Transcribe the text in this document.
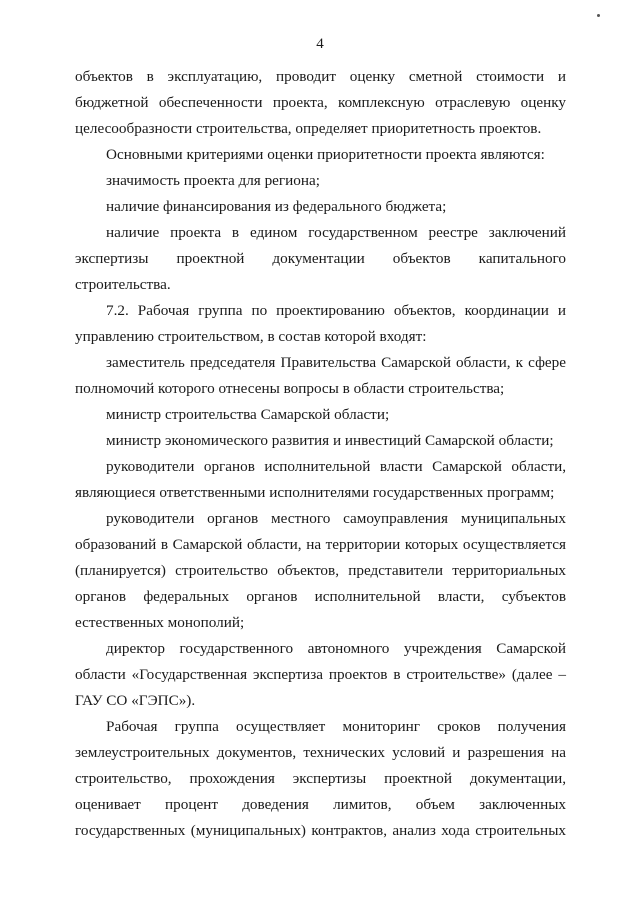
4

объектов в эксплуатацию, проводит оценку сметной стоимости и бюджетной обеспеченности проекта, комплексную отраслевую оценку целесообразности строительства, определяет приоритетность проектов.

Основными критериями оценки приоритетности проекта являются:

значимость проекта для региона;

наличие финансирования из федерального бюджета;

наличие проекта в едином государственном реестре заключений экспертизы проектной документации объектов капитального строительства.

7.2. Рабочая группа по проектированию объектов, координации и управлению строительством, в состав которой входят:

заместитель председателя Правительства Самарской области, к сфере полномочий которого отнесены вопросы в области строительства;

министр строительства Самарской области;

министр экономического развития и инвестиций Самарской области;

руководители органов исполнительной власти Самарской области, являющиеся ответственными исполнителями государственных программ;

руководители органов местного самоуправления муниципальных образований в Самарской области, на территории которых осуществляется (планируется) строительство объектов, представители территориальных органов федеральных органов исполнительной власти, субъектов естественных монополий;

директор государственного автономного учреждения Самарской области «Государственная экспертиза проектов в строительстве» (далее – ГАУ СО «ГЭПС»).

Рабочая группа осуществляет мониторинг сроков получения землеустроительных документов, технических условий и разрешения на строительство, прохождения экспертизы проектной документации, оценивает процент доведения лимитов, объем заключенных государственных (муниципальных) контрактов, анализ хода строительных
